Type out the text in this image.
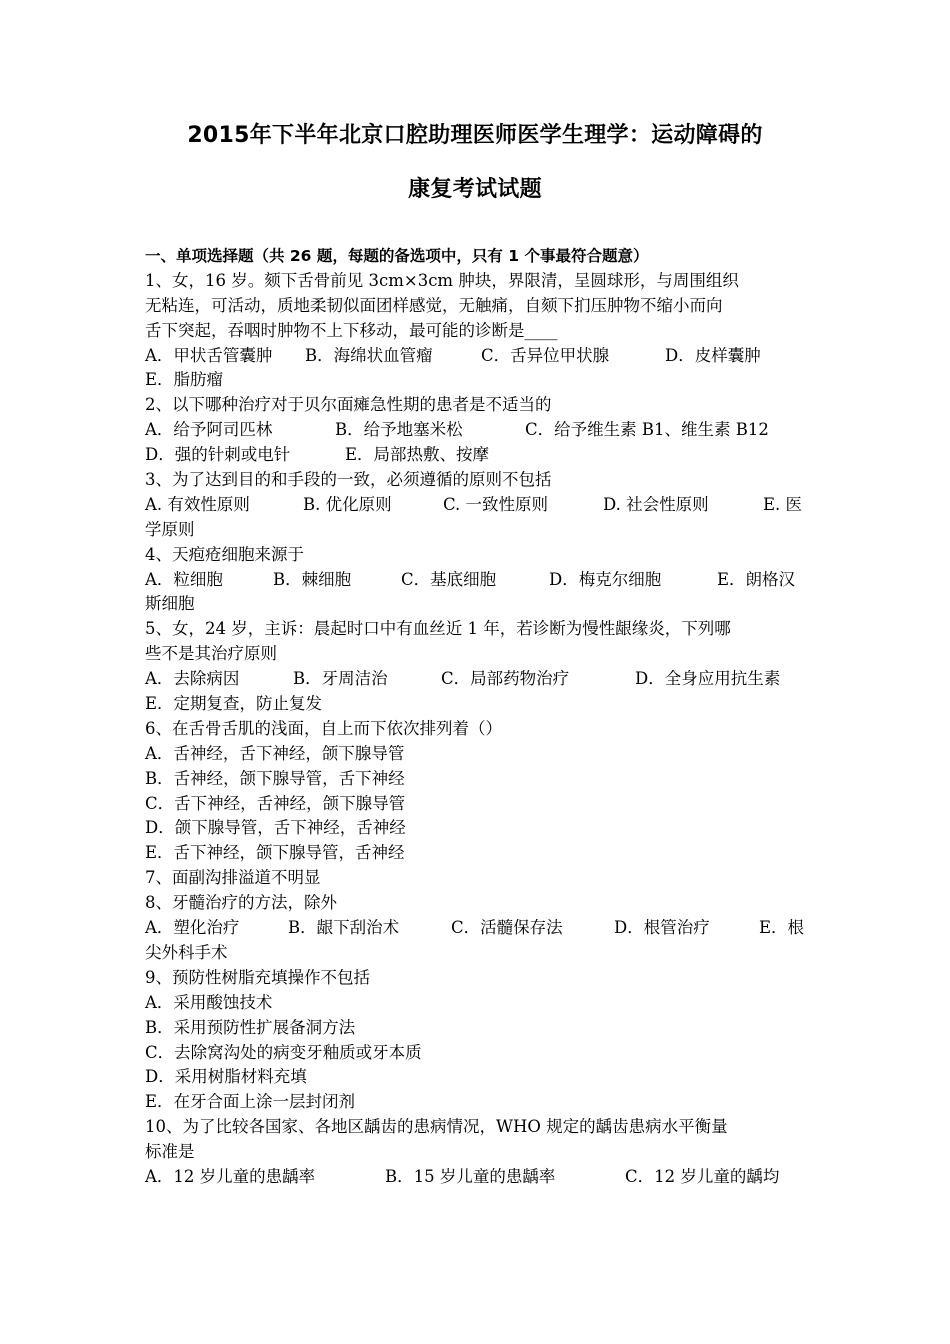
2015年下半年北京口腔助理医师医学生理学：运动障碍的
康复考试试题
一、单项选择题（共 26 题，每题的备选项中，只有 1 个事最符合题意）
1、女，16 岁。颏下舌骨前见 3cm×3cm 肿块，界限清，呈圆球形，与周围组织
无粘连，可活动，质地柔韧似面团样感觉，无触痛，自颏下扪压肿物不缩小而向
舌下突起，吞咽时肿物不上下移动，最可能的诊断是____
A．甲状舌管囊肿	B．海绵状血管瘤	C．舌异位甲状腺	D．皮样囊肿
E．脂肪瘤
2、以下哪种治疗对于贝尔面瘫急性期的患者是不适当的
A．给予阿司匹林	B．给予地塞米松	C．给予维生素 B1、维生素 B12
D．强的针刺或电针	E．局部热敷、按摩
3、为了达到目的和手段的一致，必须遵循的原则不包括
A. 有效性原则	B. 优化原则	C. 一致性原则	D. 社会性原则	E. 医
学原则
4、天疱疮细胞来源于
A．粒细胞	B．棘细胞	C．基底细胞	D．梅克尔细胞	E．朗格汉
斯细胞
5、女，24 岁，主诉：晨起时口中有血丝近 1 年，若诊断为慢性龈缘炎，下列哪
些不是其治疗原则
A．去除病因	B．牙周洁治	C．局部药物治疗	D．全身应用抗生素
E．定期复查，防止复发
6、在舌骨舌肌的浅面，自上而下依次排列着（）
A．舌神经，舌下神经，颌下腺导管
B．舌神经，颌下腺导管，舌下神经
C．舌下神经，舌神经，颌下腺导管
D．颌下腺导管，舌下神经，舌神经
E．舌下神经，颌下腺导管，舌神经
7、面副沟排溢道不明显
8、牙髓治疗的方法，除外
A．塑化治疗	B．龈下刮治术	C．活髓保存法	D．根管治疗	E．根
尖外科手术
9、预防性树脂充填操作不包括
A．采用酸蚀技术
B．采用预防性扩展备洞方法
C．去除窝沟处的病变牙釉质或牙本质
D．采用树脂材料充填
E．在牙合面上涂一层封闭剂
10、为了比较各国家、各地区龋齿的患病情况，WHO 规定的龋齿患病水平衡量
标准是
A．12 岁儿童的患龋率	B．15 岁儿童的患龋率	C．12 岁儿童的龋均
